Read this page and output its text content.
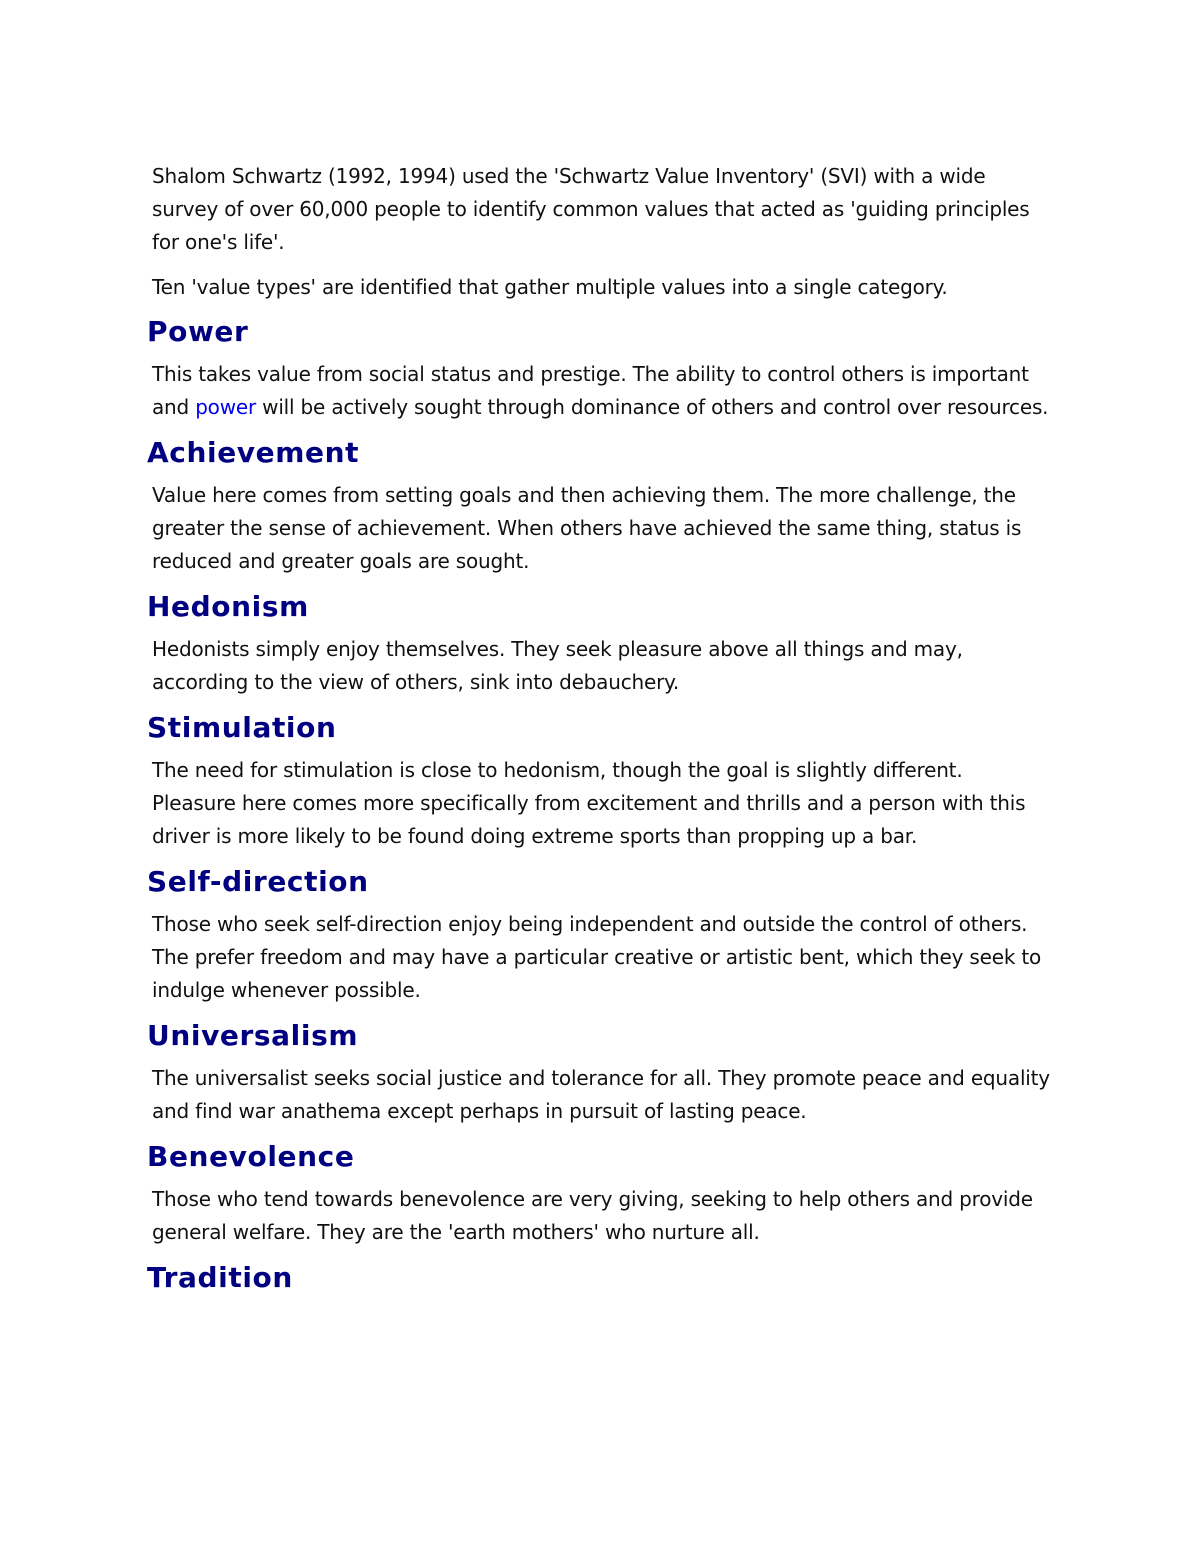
Shalom Schwartz (1992, 1994) used the 'Schwartz Value Inventory' (SVI) with a wide survey of over 60,000 people to identify common values that acted as 'guiding principles for one's life'.

Ten 'value types' are identified that gather multiple values into a single category.

Power

This takes value from social status and prestige. The ability to control others is important and power will be actively sought through dominance of others and control over resources.

Achievement

Value here comes from setting goals and then achieving them. The more challenge, the greater the sense of achievement. When others have achieved the same thing, status is reduced and greater goals are sought.

Hedonism

Hedonists simply enjoy themselves. They seek pleasure above all things and may, according to the view of others, sink into debauchery.

Stimulation

The need for stimulation is close to hedonism, though the goal is slightly different. Pleasure here comes more specifically from excitement and thrills and a person with this driver is more likely to be found doing extreme sports than propping up a bar.

Self-direction

Those who seek self-direction enjoy being independent and outside the control of others. The prefer freedom and may have a particular creative or artistic bent, which they seek to indulge whenever possible.

Universalism

The universalist seeks social justice and tolerance for all. They promote peace and equality and find war anathema except perhaps in pursuit of lasting peace.

Benevolence

Those who tend towards benevolence are very giving, seeking to help others and provide general welfare. They are the 'earth mothers' who nurture all.

Tradition
